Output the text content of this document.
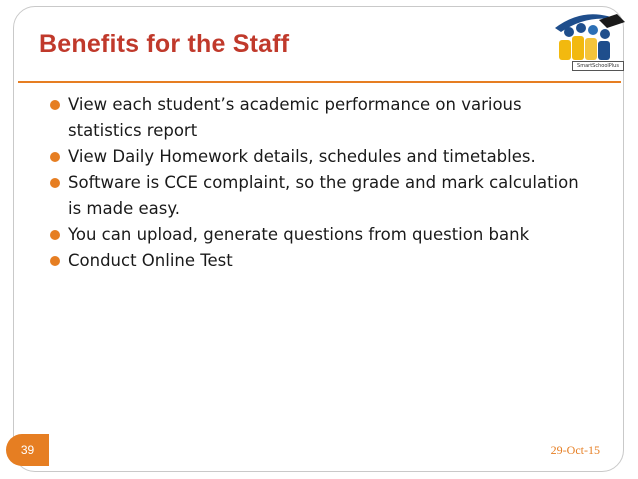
Benefits for the Staff
SmartSchoolPlus
View each student’s academic performance on various statistics report
View Daily Homework details, schedules and timetables.
Software is CCE complaint, so the grade and mark calculation is made easy.
You can upload, generate questions from question bank
Conduct Online Test
29-Oct-15
39
